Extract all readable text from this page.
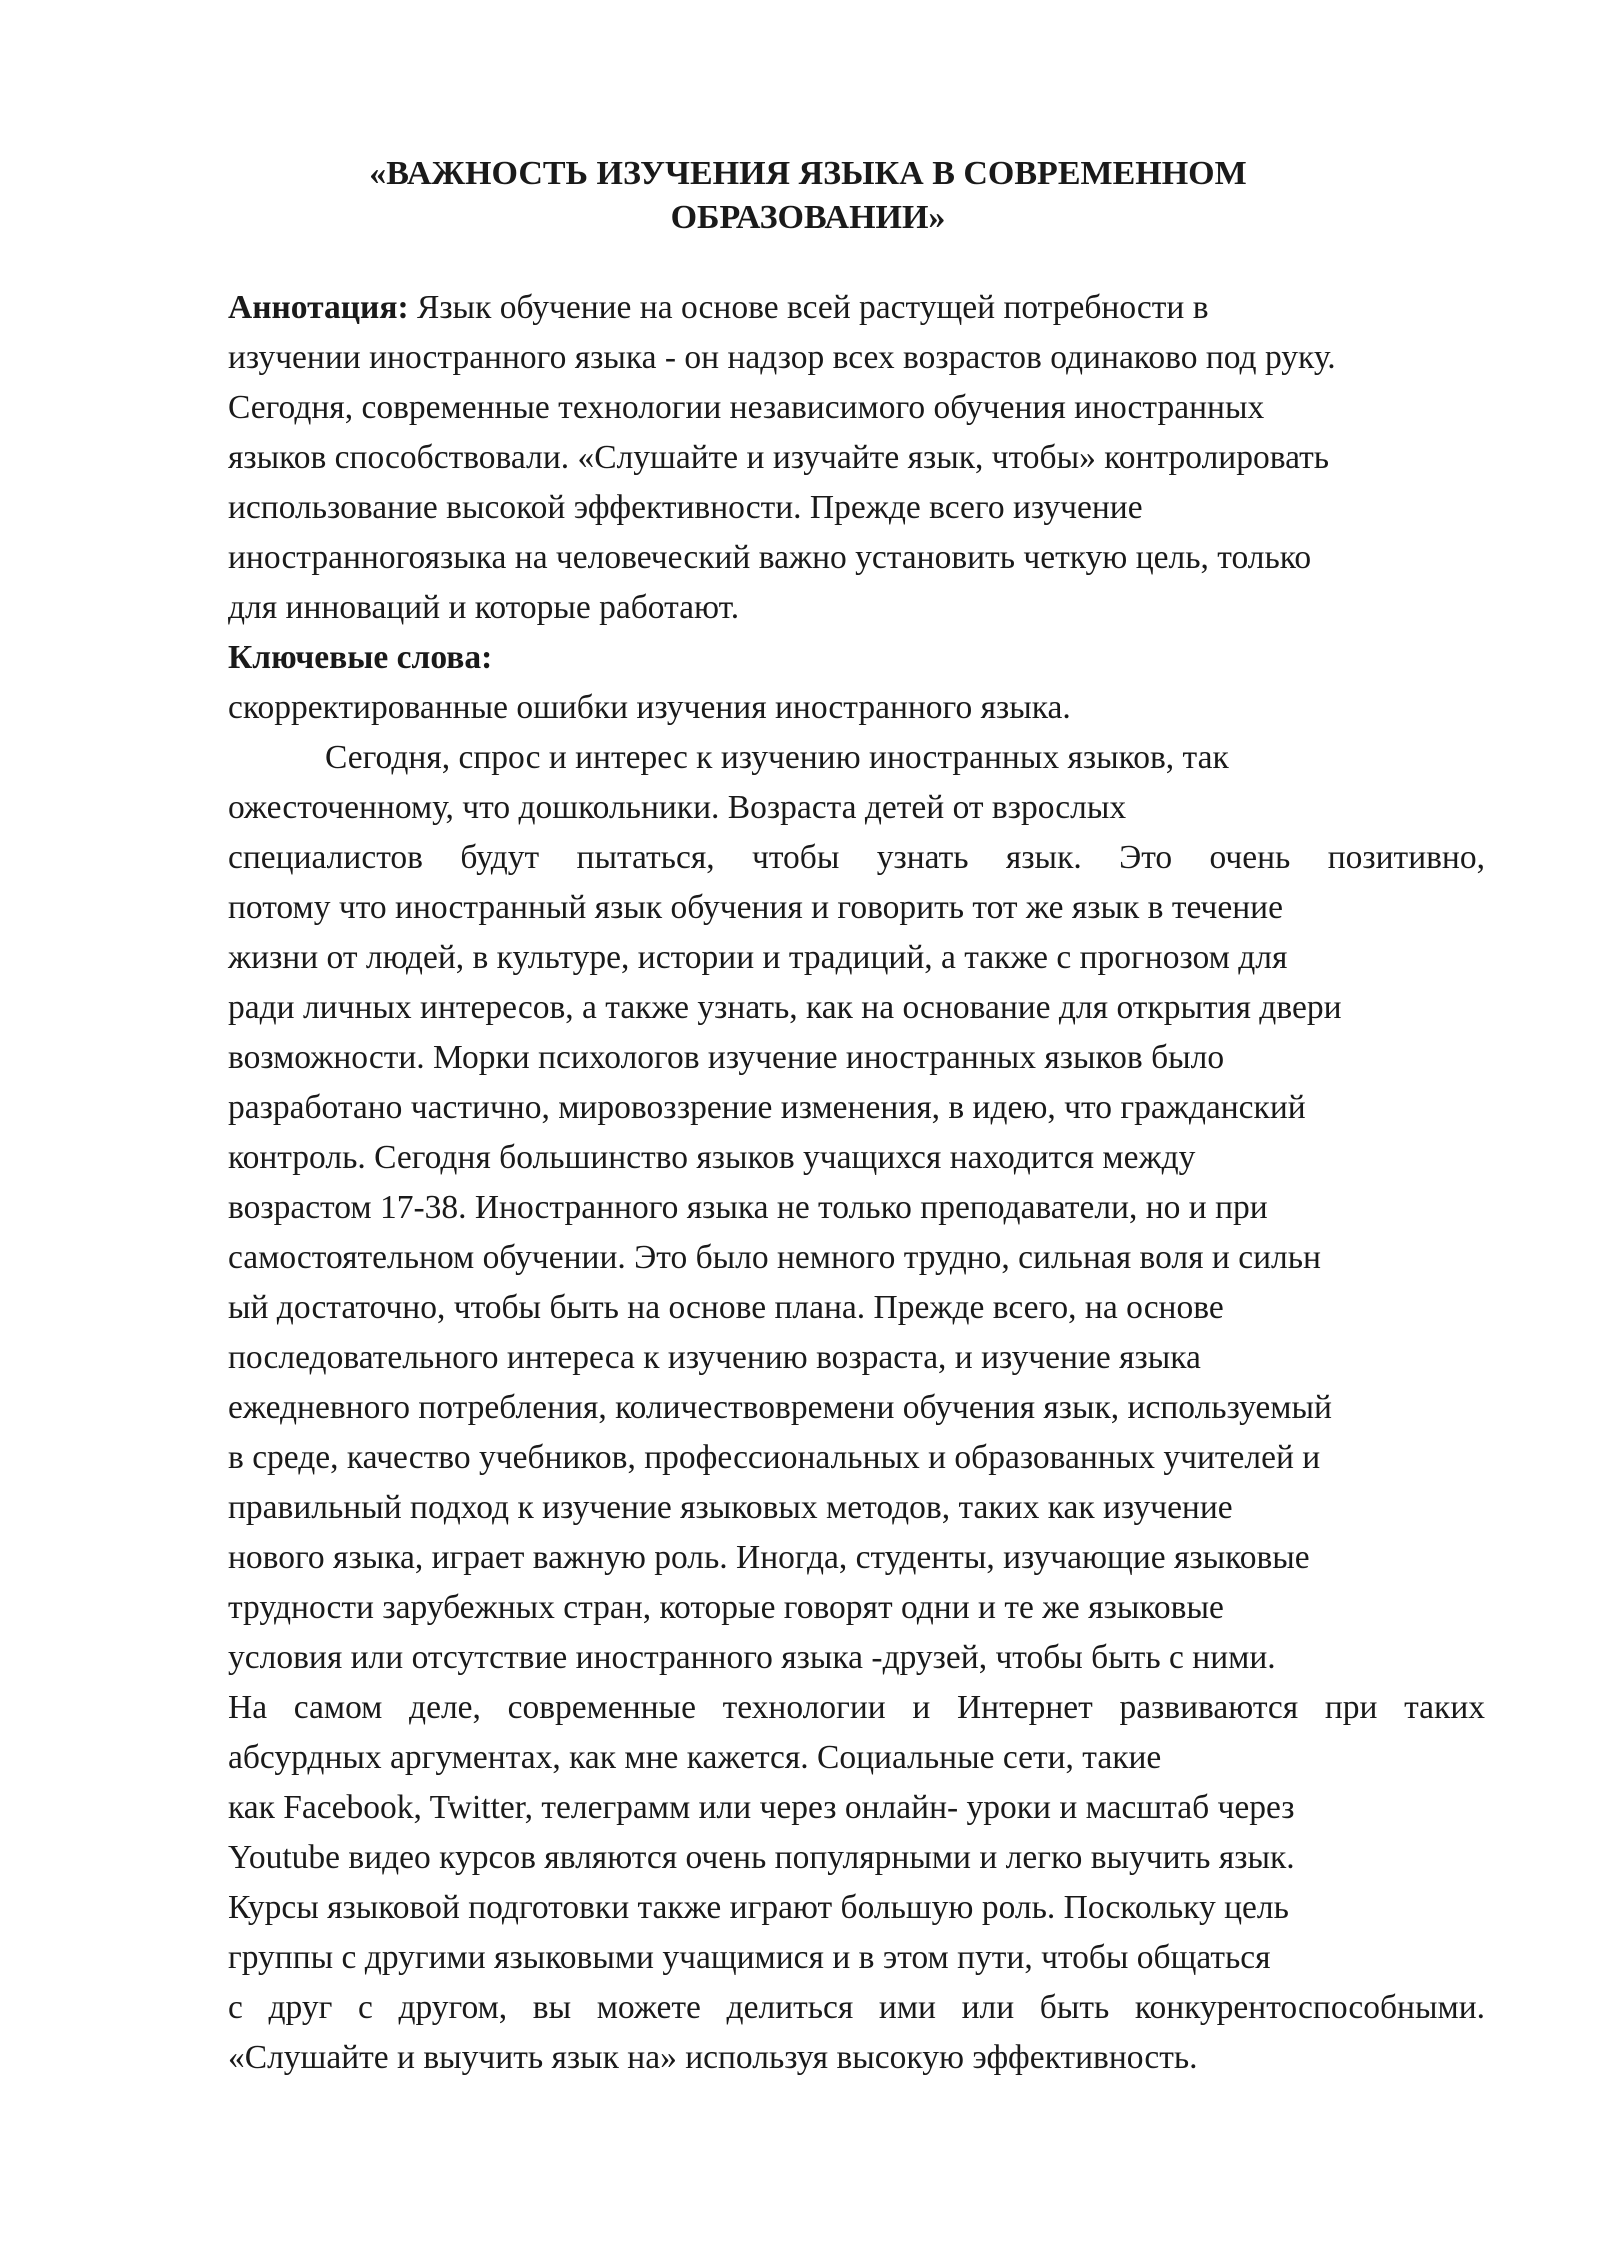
«ВАЖНОСТЬ ИЗУЧЕНИЯ ЯЗЫКА В СОВРЕМЕННОМ
ОБРАЗОВАНИИ»
Аннотация: Язык обучение на основе всей растущей потребности в
изучении иностранного языка - он надзор всех возрастов одинаково под руку.
Сегодня, современные технологии независимого обучения иностранных
языков способствовали. «Слушайте и изучайте язык, чтобы» контролировать
использование высокой эффективности. Прежде всего изучение
иностранногоязыка на человеческий важно установить четкую цель, только
для инноваций и которые работают.
Ключевые слова:
скорректированные ошибки изучения иностранного языка.
Сегодня, спрос и интерес к изучению иностранных языков, так
ожесточенному, что дошкольники. Возраста детей от взрослых
специалистов будут пытаться, чтобы узнать язык. Это очень позитивно,
потому что иностранный язык обучения и говорить тот же язык в течение
жизни от людей, в культуре, истории и традиций, а также с прогнозом для
ради личных интересов, а также узнать, как на основание для открытия двери
возможности. Морки психологов изучение иностранных языков было
разработано частично, мировоззрение изменения, в идею, что гражданский
контроль. Сегодня большинство языков учащихся находится между
возрастом 17-38. Иностранного языка не только преподаватели, но и при
самостоятельном обучении. Это было немного трудно, сильная воля и сильн
ый достаточно, чтобы быть на основе плана. Прежде всего, на основе
последовательного интереса к изучению возраста, и изучение языка
ежедневного потребления, количествовремени обучения язык, используемый
в среде, качество учебников, профессиональных и образованных учителей и
правильный подход к изучение языковых методов, таких как изучение
нового языка, играет важную роль. Иногда, студенты, изучающие языковые
трудности зарубежных стран, которые говорят одни и те же языковые
условия или отсутствие иностранного языка -друзей, чтобы быть с ними.
На самом деле, современные технологии и Интернет развиваются при таких
абсурдных аргументах, как мне кажется. Социальные сети, такие
как Facebook, Twitter, телеграмм или через онлайн- уроки и масштаб через
Youtube видео курсов являются очень популярными и легко выучить язык.
Курсы языковой подготовки также играют большую роль. Поскольку цель
группы с другими языковыми учащимися и в этом пути, чтобы общаться
с друг с другом, вы можете делиться ими или быть конкурентоспособными.
«Слушайте и выучить язык на» используя высокую эффективность.
